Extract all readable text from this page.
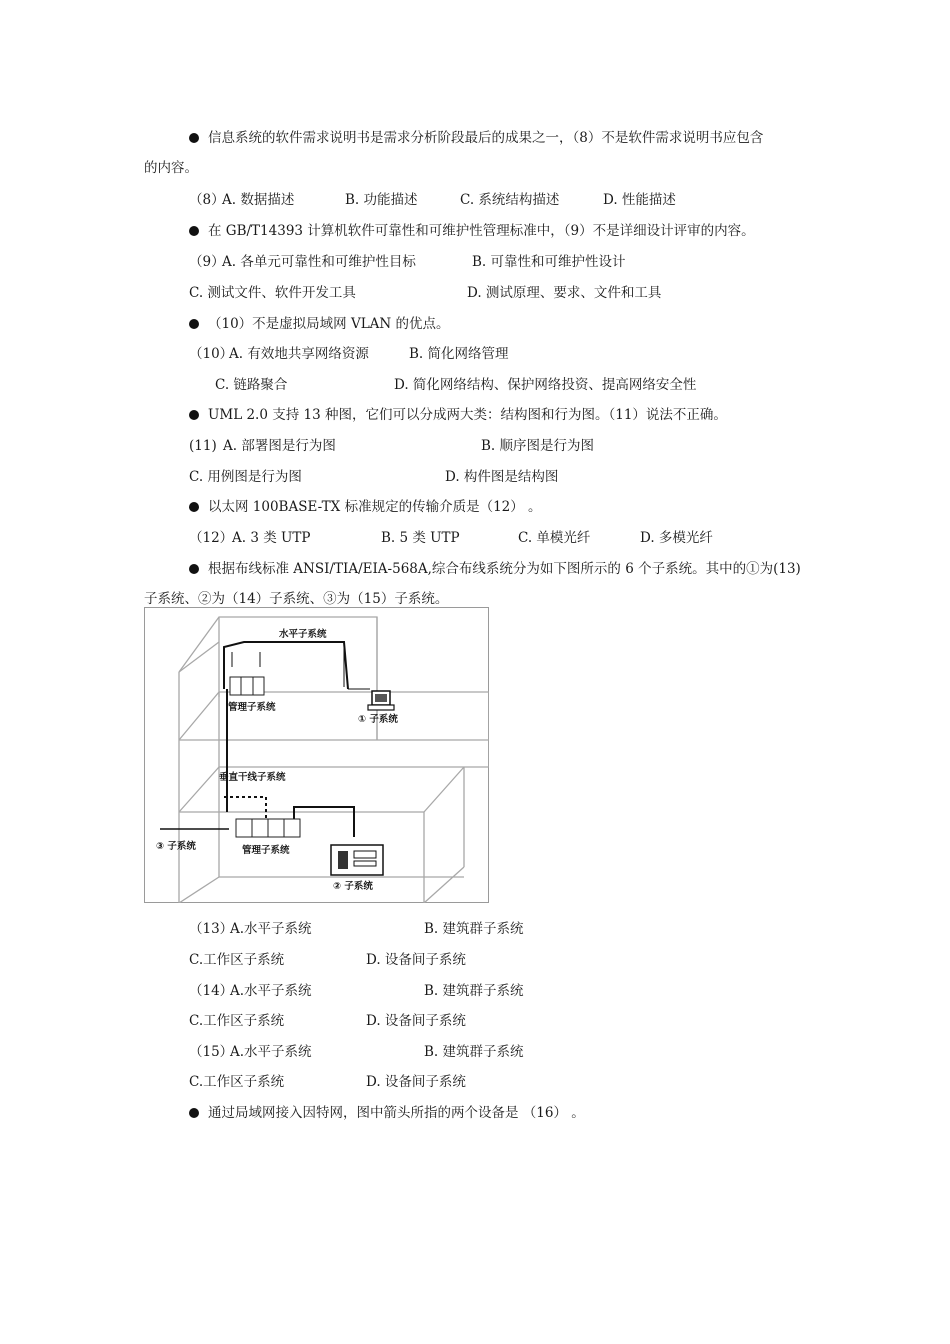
信息系统的软件需求说明书是需求分析阶段最后的成果之一，（8）不是软件需求说明书应包含
的内容。
（8）
A. 数据描述	B. 功能描述	C. 系统结构描述	D. 性能描述
在 GB/T14393 计算机软件可靠性和可维护性管理标准中，（9）不是详细设计评审的内容。
（9）
A. 各单元可靠性和可维护性目标	B. 可靠性和可维护性设计
C. 测试文件、软件开发工具	D. 测试原理、要求、文件和工具
（10）不是虚拟局域网 VLAN 的优点。
（10）
A. 有效地共享网络资源	B. 简化网络管理
C. 链路聚合	D. 简化网络结构、保护网络投资、提高网络安全性
UML 2.0 支持 13 种图，它们可以分成两大类：结构图和行为图。（11）说法不正确。
(11) A. 部署图是行为图	B. 顺序图是行为图
C. 用例图是行为图	D. 构件图是结构图
以太网 100BASE-TX 标准规定的传输介质是（12） 。
（12）
A. 3 类 UTP	B. 5 类 UTP	C. 单模光纤	D. 多模光纤
根据布线标准 ANSI/TIA/EIA-568A,综合布线系统分为如下图所示的 6 个子系统。其中的①为(13)
子系统、②为（14）子系统、③为（15）子系统。
水平子系统
管理子系统
① 子系统
垂直干线子系统
③ 子系统	管理子系统
② 子系统
（13）
A.水平子系统	B. 建筑群子系统
C.工作区子系统	D. 设备间子系统
（14）
A.水平子系统	B. 建筑群子系统
C.工作区子系统	D. 设备间子系统
（15）
A.水平子系统	B. 建筑群子系统
C.工作区子系统	D. 设备间子系统
通过局域网接入因特网，图中箭头所指的两个设备是 （16） 。
